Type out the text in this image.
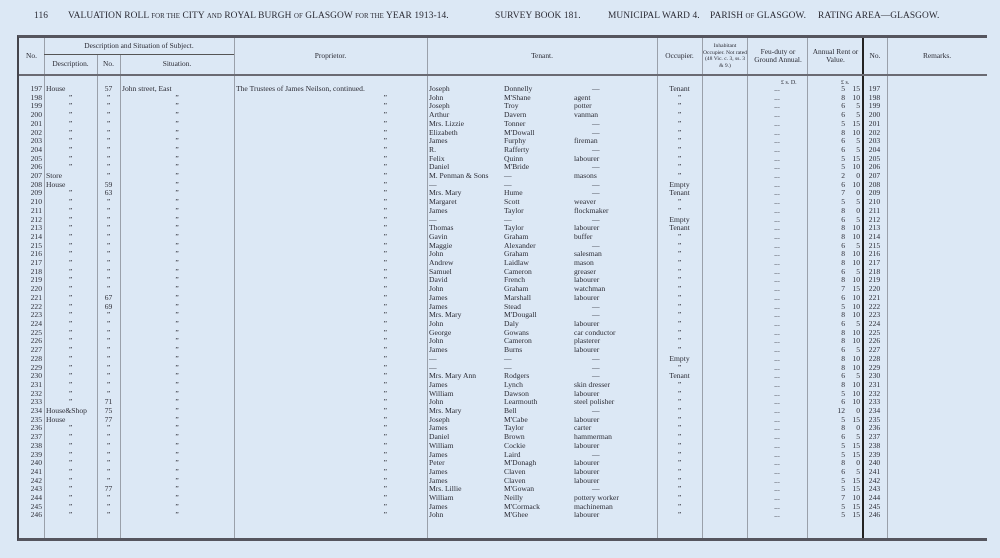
116 VALUATION ROLL FOR THE CITY AND ROYAL BURGH OF GLASGOW FOR THE YEAR 1913-14.	SURVEY BOOK 181.	MUNICIPAL WARD 4. PARISH OF GLASGOW. RATING AREA—GLASGOW.
No.
Description and Situation of Subject.
Description.	No.	Situation.
Proprietor.	Tenant.	Occupier.
Inhabitant Occupier. Not rated (48 Vic. c. 3, ss. 3 & 9.)
Feu-duty or Ground Annual.
Annual Rent or Value.	No.	Remarks.
£ s. D.	£ s.
197	House	57	John street, East	The Trustees of James Neilson, continued.	Joseph	Donnelly	—	Tenant		...	5	15	197	
198	”	”	”	”	John	M'Shane	agent	”		...	8	10	198	
199	”	”	”	”	Joseph	Troy	potter	”		...	6	5	199	
200	”	”	”	”	Arthur	Davern	vanman	”		...	6	5	200	
201	”	”	”	”	Mrs. Lizzie	Tonner	—	”		...	5	15	201	
202	”	”	”	”	Elizabeth	M'Dowall	—	”		...	8	10	202	
203	”	”	”	”	James	Furphy	fireman	”		...	6	5	203	
204	”	”	”	”	R.	Rafferty	—	”		...	6	5	204	
205	”	”	”	”	Felix	Quinn	labourer	”		...	5	15	205	
206	”	”	”	”	Daniel	M'Bride	—	”		...	5	10	206	
207	Store	”	”	”	M. Penman & Sons	—	masons	”		...	2	0	207	
208	House	59	”	”	—	—	—	Empty		...	6	10	208	
209	”	63	”	”	Mrs. Mary	Hume	—	Tenant		...	7	0	209	
210	”	”	”	”	Margaret	Scott	weaver	”		...	5	5	210	
211	”	”	”	”	James	Taylor	flockmaker	”		...	8	0	211	
212	”	”	”	”	—	—	—	Empty		...	6	5	212	
213	”	”	”	”	Thomas	Taylor	labourer	Tenant		...	8	10	213	
214	”	”	”	”	Gavin	Graham	buffer	”		...	8	10	214	
215	”	”	”	”	Maggie	Alexander	—	”		...	6	5	215	
216	”	”	”	”	John	Graham	salesman	”		...	8	10	216	
217	”	”	”	”	Andrew	Laidlaw	mason	”		...	8	10	217	
218	”	”	”	”	Samuel	Cameron	greaser	”		...	6	5	218	
219	”	”	”	”	David	French	labourer	”		...	8	10	219	
220	”	”	”	”	John	Graham	watchman	”		...	7	15	220	
221	”	67	”	”	James	Marshall	labourer	”		...	6	10	221	
222	”	69	”	”	James	Stead	—	”		...	5	10	222	
223	”	”	”	”	Mrs. Mary	M'Dougall	—	”		...	8	10	223	
224	”	”	”	”	John	Daly	labourer	”		...	6	5	224	
225	”	”	”	”	George	Gowans	car conductor	”		...	8	10	225	
226	”	”	”	”	John	Cameron	plasterer	”		...	8	10	226	
227	”	”	”	”	James	Burns	labourer	”		...	6	5	227	
228	”	”	”	”	—	—	—	Empty		...	8	10	228	
229	”	”	”	”	—	—	—	”		...	8	10	229	
230	”	”	”	”	Mrs. Mary Ann	Rodgers	—	Tenant		...	6	5	230	
231	”	”	”	”	James	Lynch	skin dresser	”		...	8	10	231	
232	”	”	”	”	William	Dawson	labourer	”		...	5	10	232	
233	”	71	”	”	John	Learmouth	steel polisher	”		...	6	10	233	
234	House&Shop	75	”	”	Mrs. Mary	Bell	—	”		...	12	0	234	
235	House	77	”	”	Joseph	M'Cabe	labourer	”		...	5	15	235	
236	”	”	”	”	James	Taylor	carter	”		...	8	0	236	
237	”	”	”	”	Daniel	Brown	hammerman	”		...	6	5	237	
238	”	”	”	”	William	Cockie	labourer	”		...	5	15	238	
239	”	”	”	”	James	Laird	—	”		...	5	15	239	
240	”	”	”	”	Peter	M'Donagh	labourer	”		...	8	0	240	
241	”	”	”	”	James	Claven	labourer	”		...	6	5	241	
242	”	”	”	”	James	Claven	labourer	”		...	5	15	242	
243	”	77	”	”	Mrs. Lillie	M'Gowan	—	”		...	5	15	243	
244	”	”	”	”	William	Neilly	pottery worker	”		...	7	10	244	
245	”	”	”	”	James	M'Cormack	machineman	”		...	5	15	245	
246	”	”	”	”	John	M'Ghee	labourer	”		...	5	15	246	
